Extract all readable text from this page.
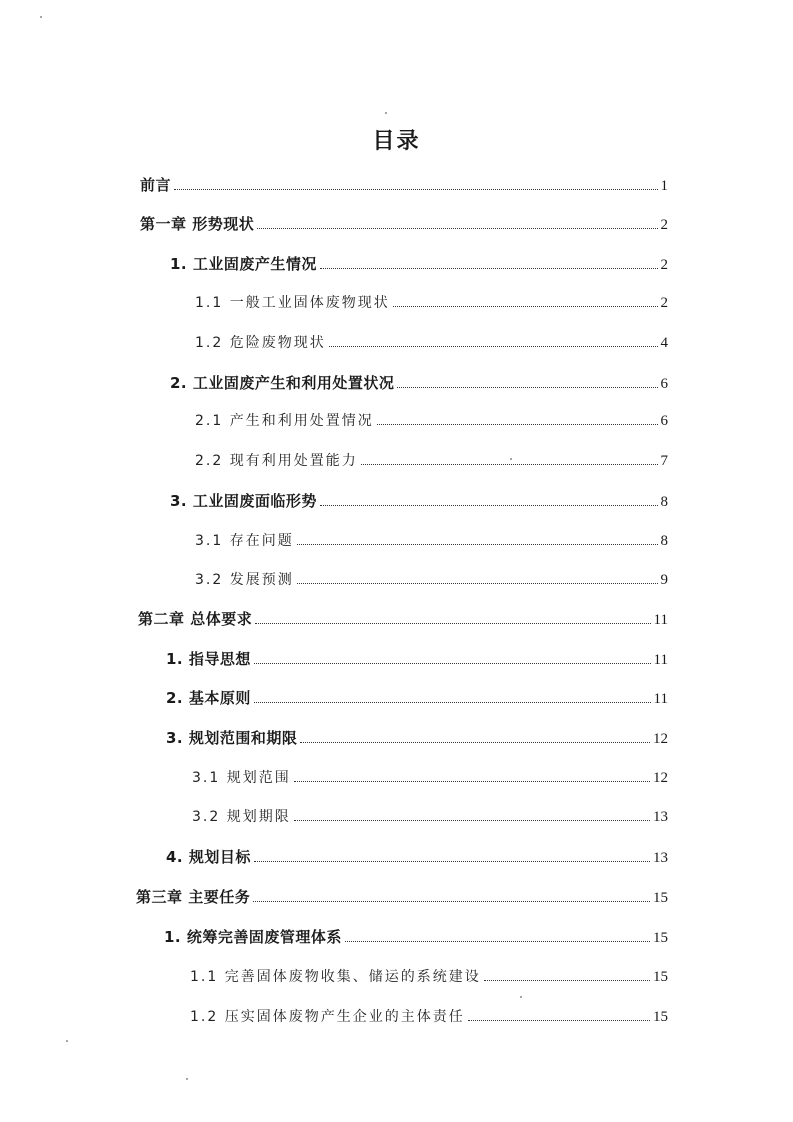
目录
前言	1
第一章 形势现状	2
1. 工业固废产生情况	2
1.1 一般工业固体废物现状	2
1.2 危险废物现状	4
2. 工业固废产生和利用处置状况	6
2.1 产生和利用处置情况	6
2.2 现有利用处置能力	7
3. 工业固废面临形势	8
3.1 存在问题	8
3.2 发展预测	9
第二章 总体要求	11
1. 指导思想	11
2. 基本原则	11
3. 规划范围和期限	12
3.1 规划范围	12
3.2 规划期限	13
4. 规划目标	13
第三章 主要任务	15
1. 统筹完善固废管理体系	15
1.1 完善固体废物收集、储运的系统建设	15
1.2 压实固体废物产生企业的主体责任	15
